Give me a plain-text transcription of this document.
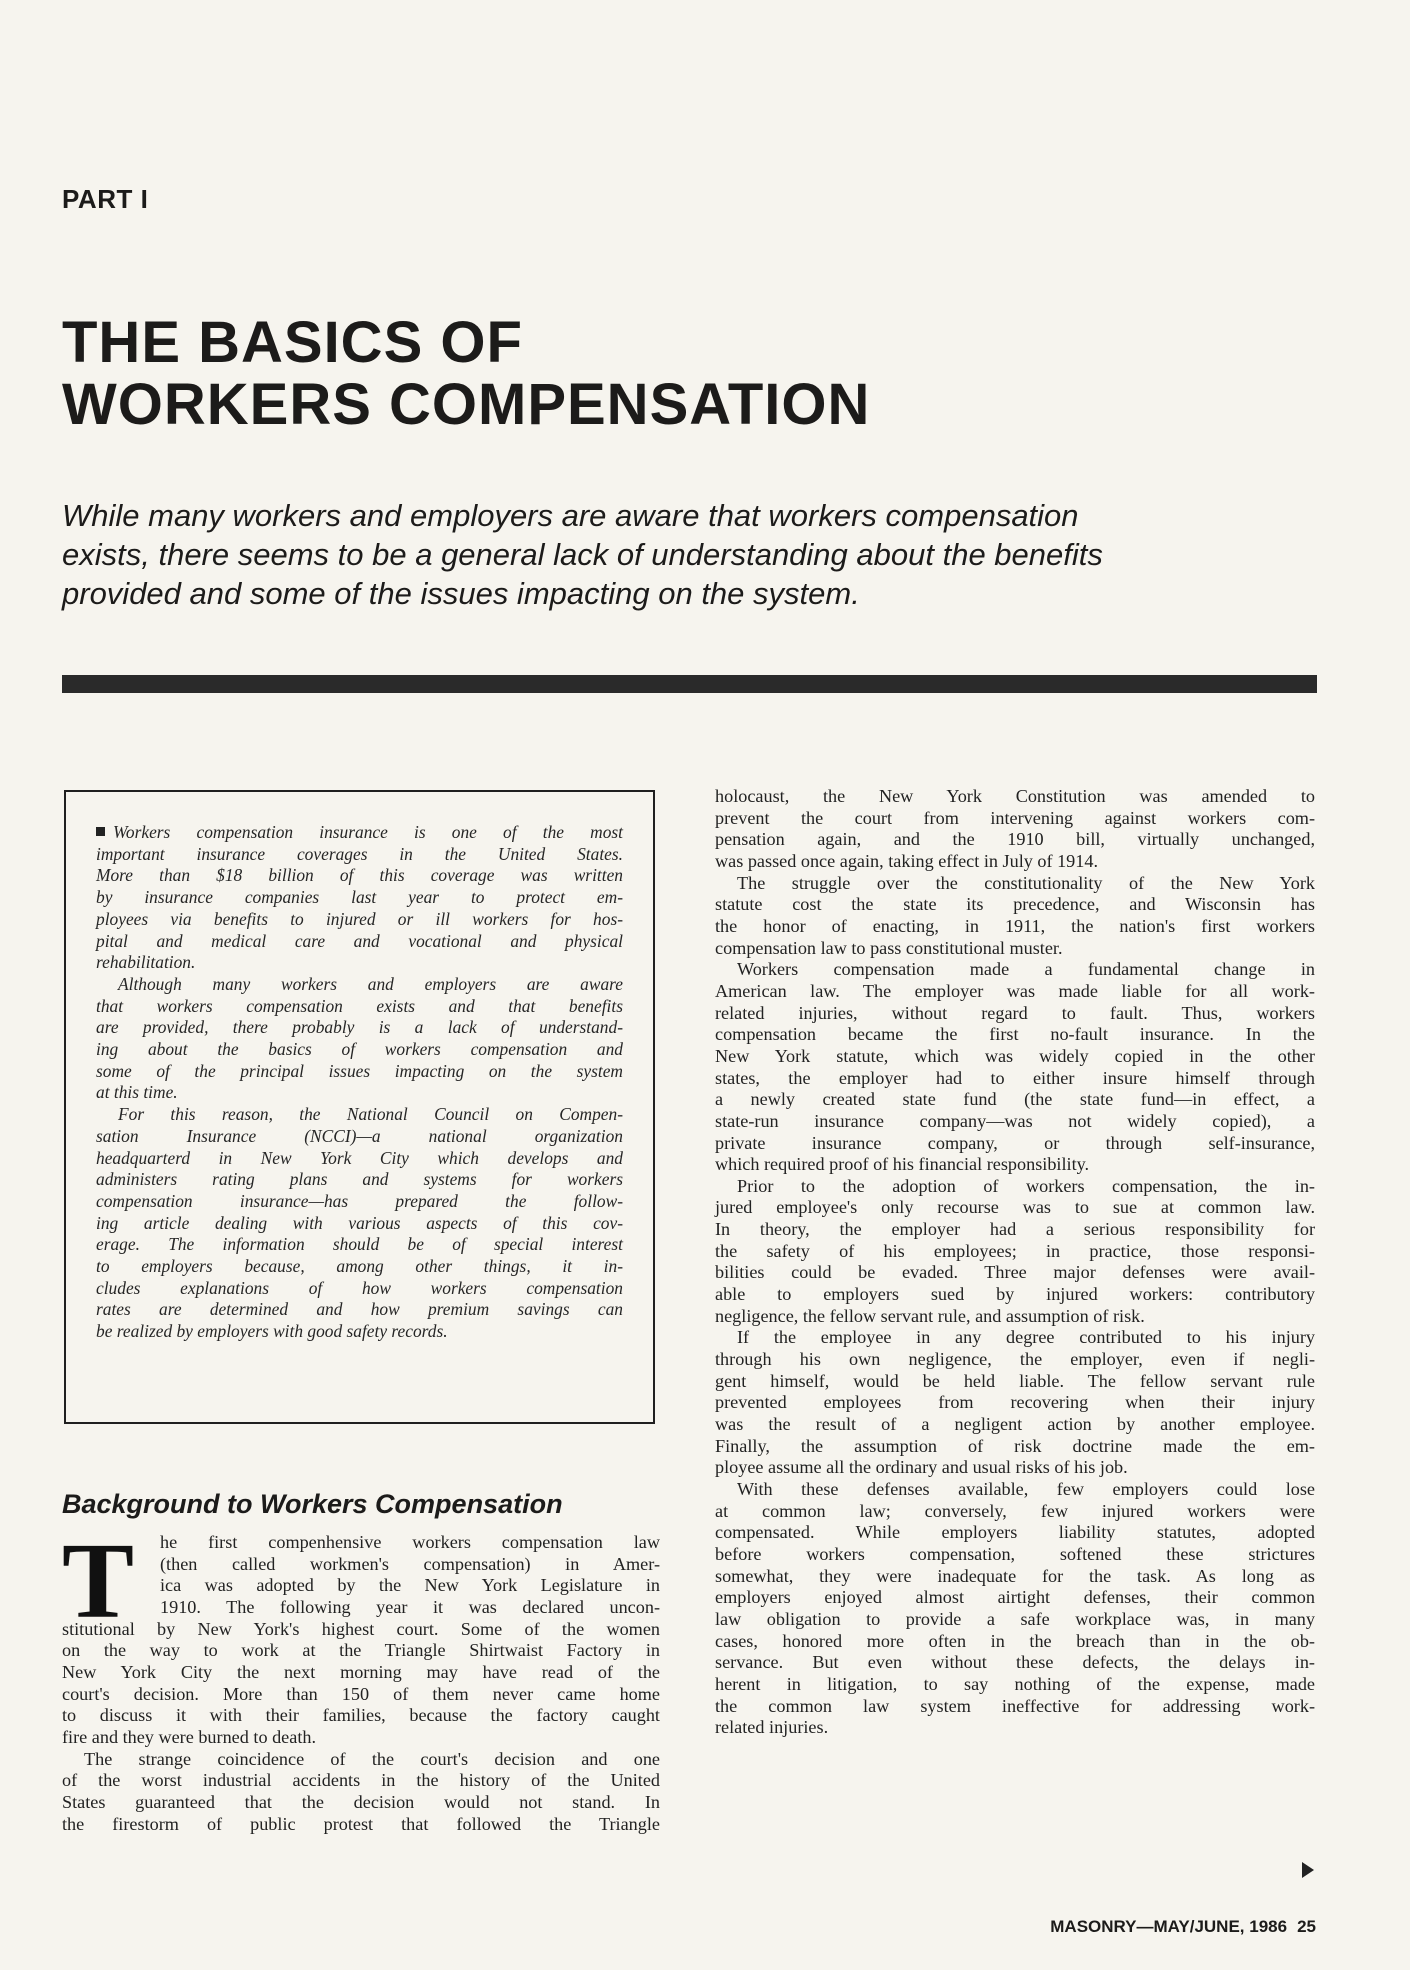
PART I
THE BASICS OF
WORKERS COMPENSATION
While many workers and employers are aware that workers compensation
exists, there seems to be a general lack of understanding about the benefits
provided and some of the issues impacting on the system.
Workers compensation insurance is one of the most
important insurance coverages in the United States.
More than $18 billion of this coverage was written
by insurance companies last year to protect em-
ployees via benefits to injured or ill workers for hos-
pital and medical care and vocational and physical
rehabilitation.
Although many workers and employers are aware
that workers compensation exists and that benefits
are provided, there probably is a lack of understand-
ing about the basics of workers compensation and
some of the principal issues impacting on the system
at this time.
For this reason, the National Council on Compen-
sation Insurance (NCCI)—a national organization
headquarterd in New York City which develops and
administers rating plans and systems for workers
compensation insurance—has prepared the follow-
ing article dealing with various aspects of this cov-
erage. The information should be of special interest
to employers because, among other things, it in-
cludes explanations of how workers compensation
rates are determined and how premium savings can
be realized by employers with good safety records.
Background to Workers Compensation
T	he first compenhensive workers compensation law
(then called workmen's compensation) in Amer-
ica was adopted by the New York Legislature in
1910. The following year it was declared uncon-
stitutional by New York's highest court. Some of the women
on the way to work at the Triangle Shirtwaist Factory in
New York City the next morning may have read of the
court's decision. More than 150 of them never came home
to discuss it with their families, because the factory caught
fire and they were burned to death.
The strange coincidence of the court's decision and one
of the worst industrial accidents in the history of the United
States guaranteed that the decision would not stand. In
the firestorm of public protest that followed the Triangle
holocaust, the New York Constitution was amended to
prevent the court from intervening against workers com-
pensation again, and the 1910 bill, virtually unchanged,
was passed once again, taking effect in July of 1914.
The struggle over the constitutionality of the New York
statute cost the state its precedence, and Wisconsin has
the honor of enacting, in 1911, the nation's first workers
compensation law to pass constitutional muster.
Workers compensation made a fundamental change in
American law. The employer was made liable for all work-
related injuries, without regard to fault. Thus, workers
compensation became the first no-fault insurance. In the
New York statute, which was widely copied in the other
states, the employer had to either insure himself through
a newly created state fund (the state fund—in effect, a
state-run insurance company—was not widely copied), a
private insurance company, or through self-insurance,
which required proof of his financial responsibility.
Prior to the adoption of workers compensation, the in-
jured employee's only recourse was to sue at common law.
In theory, the employer had a serious responsibility for
the safety of his employees; in practice, those responsi-
bilities could be evaded. Three major defenses were avail-
able to employers sued by injured workers: contributory
negligence, the fellow servant rule, and assumption of risk.
If the employee in any degree contributed to his injury
through his own negligence, the employer, even if negli-
gent himself, would be held liable. The fellow servant rule
prevented employees from recovering when their injury
was the result of a negligent action by another employee.
Finally, the assumption of risk doctrine made the em-
ployee assume all the ordinary and usual risks of his job.
With these defenses available, few employers could lose
at common law; conversely, few injured workers were
compensated. While employers liability statutes, adopted
before workers compensation, softened these strictures
somewhat, they were inadequate for the task. As long as
employers enjoyed almost airtight defenses, their common
law obligation to provide a safe workplace was, in many
cases, honored more often in the breach than in the ob-
servance. But even without these defects, the delays in-
herent in litigation, to say nothing of the expense, made
the common law system ineffective for addressing work-
related injuries.
MASONRY—MAY/JUNE, 1986 25
